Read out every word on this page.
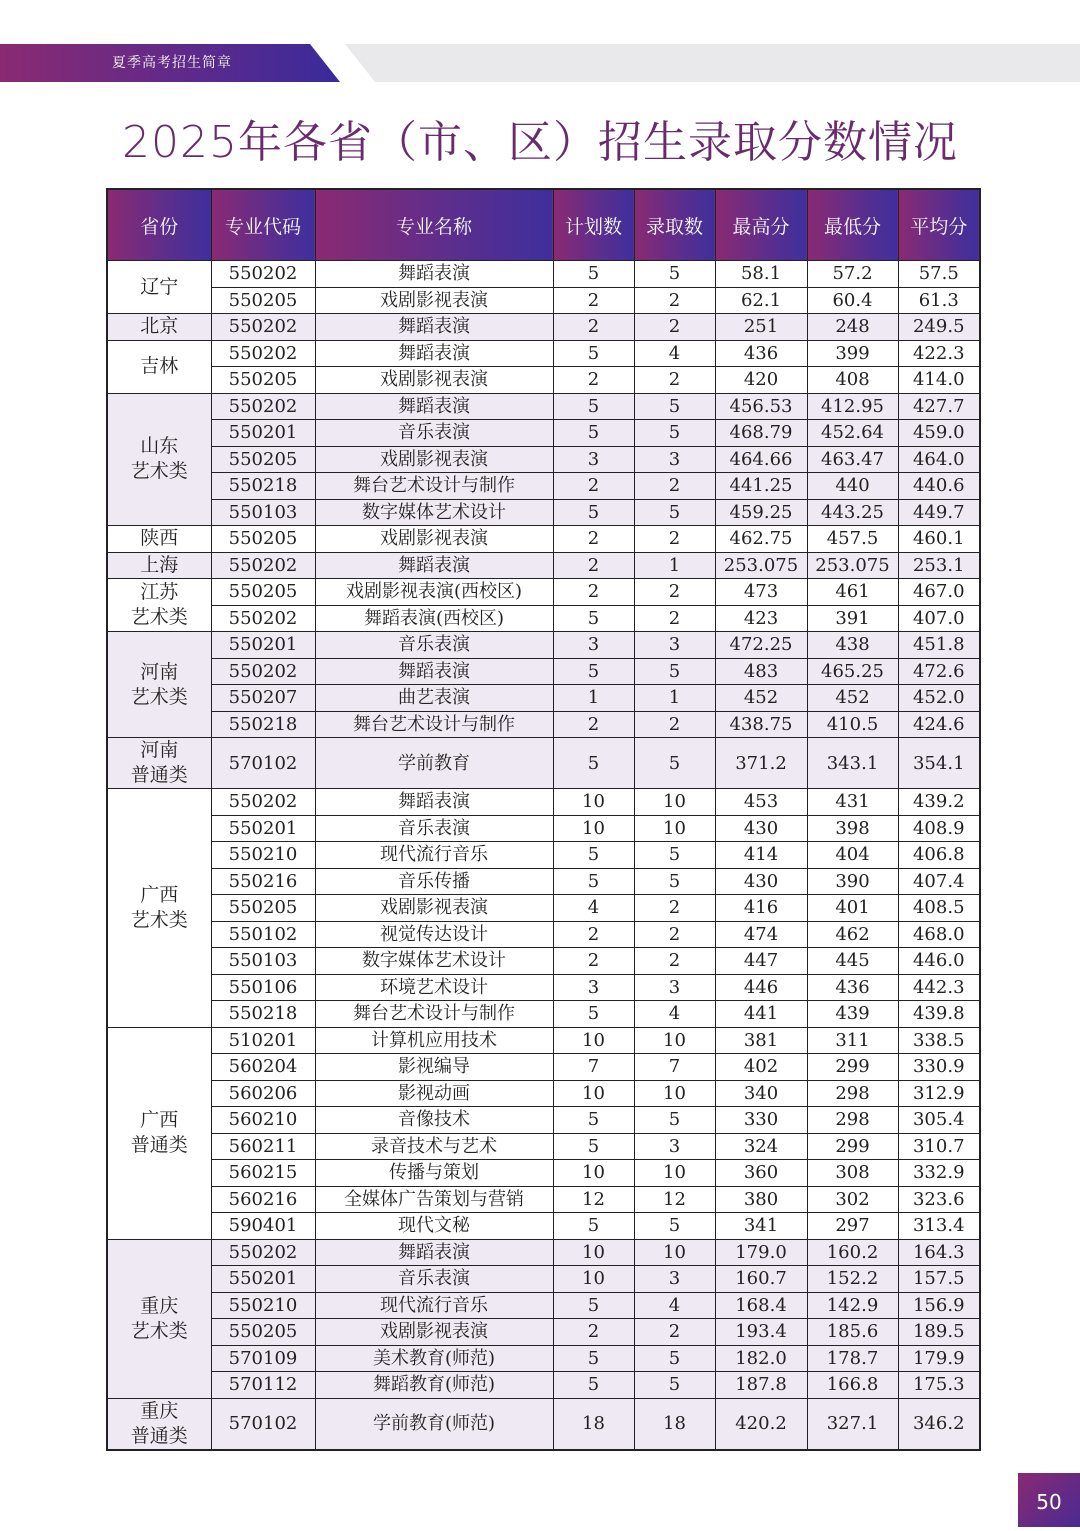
夏季高考招生简章
2025年各省（市、区）招生录取分数情况
省份	专业代码	专业名称	计划数	录取数	最高分	最低分	平均分
辽宁	550202	舞蹈表演	5	5	58.1	57.2	57.5
	550205	戏剧影视表演	2	2	62.1	60.4	61.3
北京	550202	舞蹈表演	2	2	251	248	249.5
吉林	550202	舞蹈表演	5	4	436	399	422.3
	550205	戏剧影视表演	2	2	420	408	414.0
山东
艺术类	550202	舞蹈表演	5	5	456.53	412.95	427.7
	550201	音乐表演	5	5	468.79	452.64	459.0
	550205	戏剧影视表演	3	3	464.66	463.47	464.0
	550218	舞台艺术设计与制作	2	2	441.25	440	440.6
	550103	数字媒体艺术设计	5	5	459.25	443.25	449.7
陕西	550205	戏剧影视表演	2	2	462.75	457.5	460.1
上海	550202	舞蹈表演	2	1	253.075	253.075	253.1
江苏
艺术类	550205	戏剧影视表演(西校区)	2	2	473	461	467.0
	550202	舞蹈表演(西校区)	5	2	423	391	407.0
河南
艺术类	550201	音乐表演	3	3	472.25	438	451.8
	550202	舞蹈表演	5	5	483	465.25	472.6
	550207	曲艺表演	1	1	452	452	452.0
	550218	舞台艺术设计与制作	2	2	438.75	410.5	424.6
河南
普通类	570102	学前教育	5	5	371.2	343.1	354.1
广西
艺术类	550202	舞蹈表演	10	10	453	431	439.2
	550201	音乐表演	10	10	430	398	408.9
	550210	现代流行音乐	5	5	414	404	406.8
	550216	音乐传播	5	5	430	390	407.4
	550205	戏剧影视表演	4	2	416	401	408.5
	550102	视觉传达设计	2	2	474	462	468.0
	550103	数字媒体艺术设计	2	2	447	445	446.0
	550106	环境艺术设计	3	3	446	436	442.3
	550218	舞台艺术设计与制作	5	4	441	439	439.8
广西
普通类	510201	计算机应用技术	10	10	381	311	338.5
	560204	影视编导	7	7	402	299	330.9
	560206	影视动画	10	10	340	298	312.9
	560210	音像技术	5	5	330	298	305.4
	560211	录音技术与艺术	5	3	324	299	310.7
	560215	传播与策划	10	10	360	308	332.9
	560216	全媒体广告策划与营销	12	12	380	302	323.6
	590401	现代文秘	5	5	341	297	313.4
重庆
艺术类	550202	舞蹈表演	10	10	179.0	160.2	164.3
	550201	音乐表演	10	3	160.7	152.2	157.5
	550210	现代流行音乐	5	4	168.4	142.9	156.9
	550205	戏剧影视表演	2	2	193.4	185.6	189.5
	570109	美术教育(师范)	5	5	182.0	178.7	179.9
	570112	舞蹈教育(师范)	5	5	187.8	166.8	175.3
重庆
普通类	570102	学前教育(师范)	18	18	420.2	327.1	346.2
50
